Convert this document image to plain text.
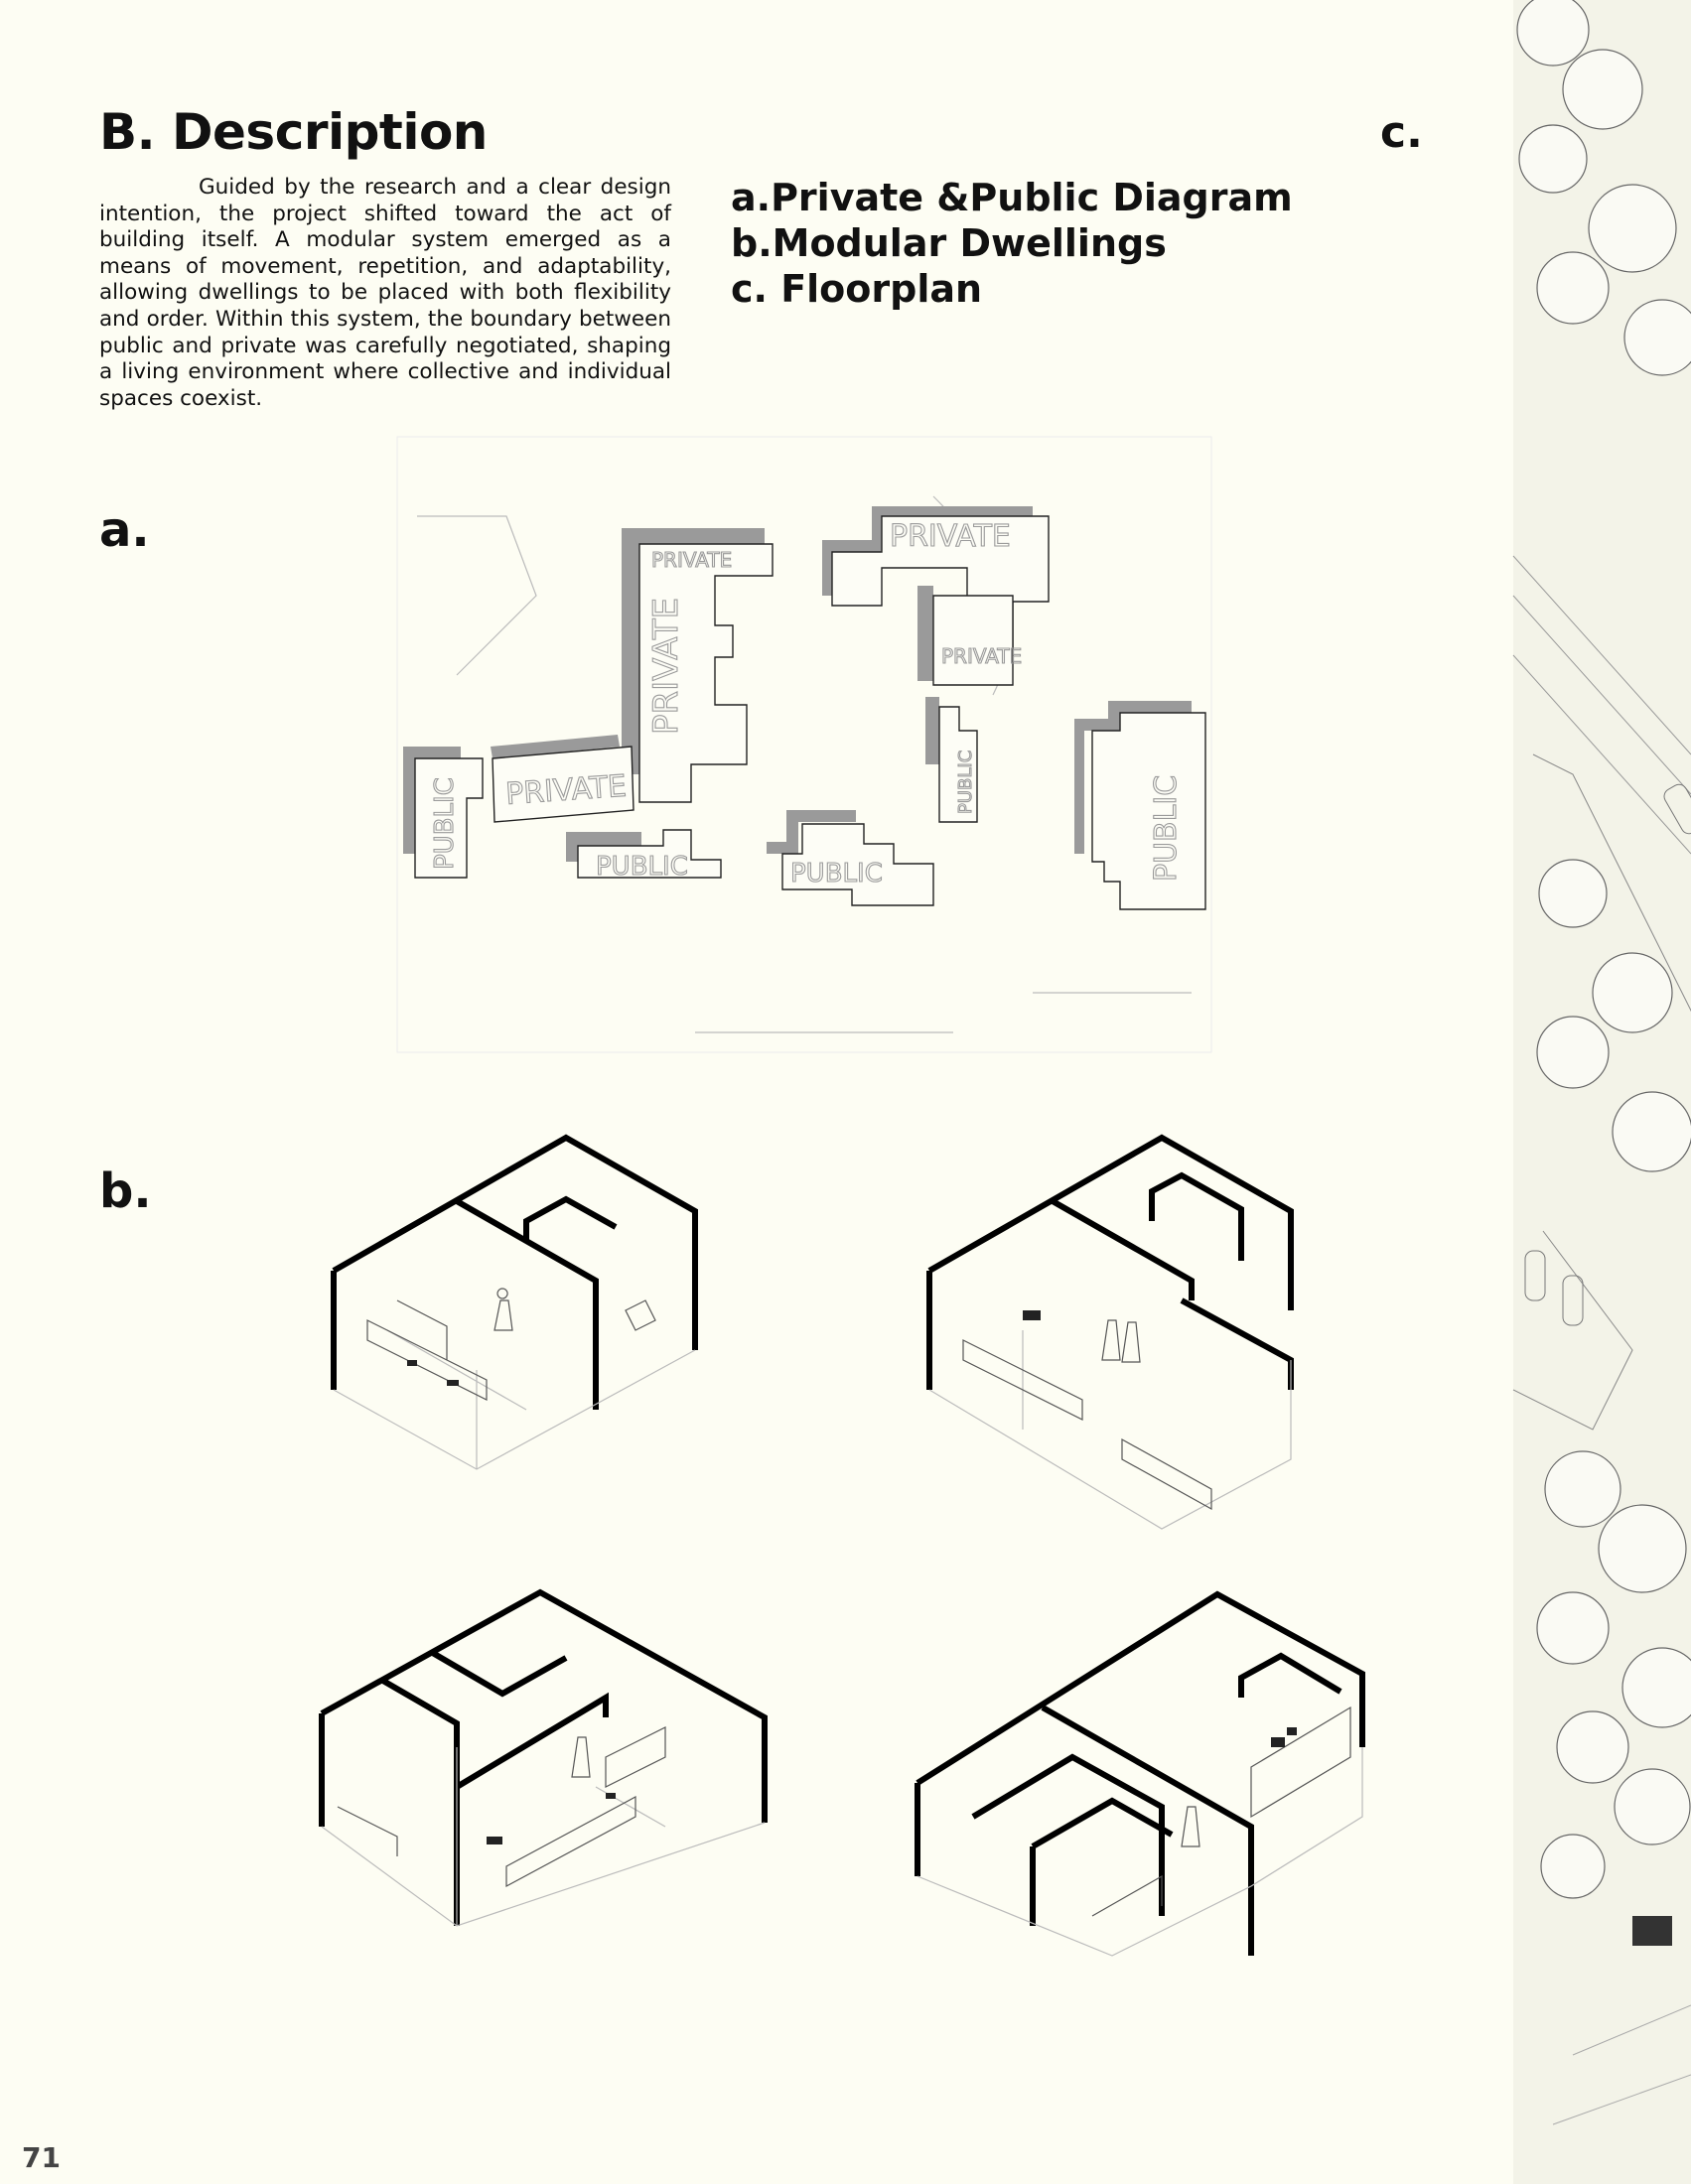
B. Description	c.

Guided by the research and a clear design intention, the project shifted toward the act of building itself. A modular system emerged as a means of movement, repetition, and adaptability, allowing dwellings to be placed with both flexibility and order. Within this system, the boundary between public and private was carefully negotiated, shaping a living environment where collective and individual spaces coexist.

a.Private &Public Diagram
b.Modular Dwellings
c. Floorplan
a.
b.
PRIVATE
PRIVATE
PRIVATE
PRIVATE
PUBLIC PRIVATE
PUBLIC	PUBLIC
PUBLIC	PUBLIC
71
